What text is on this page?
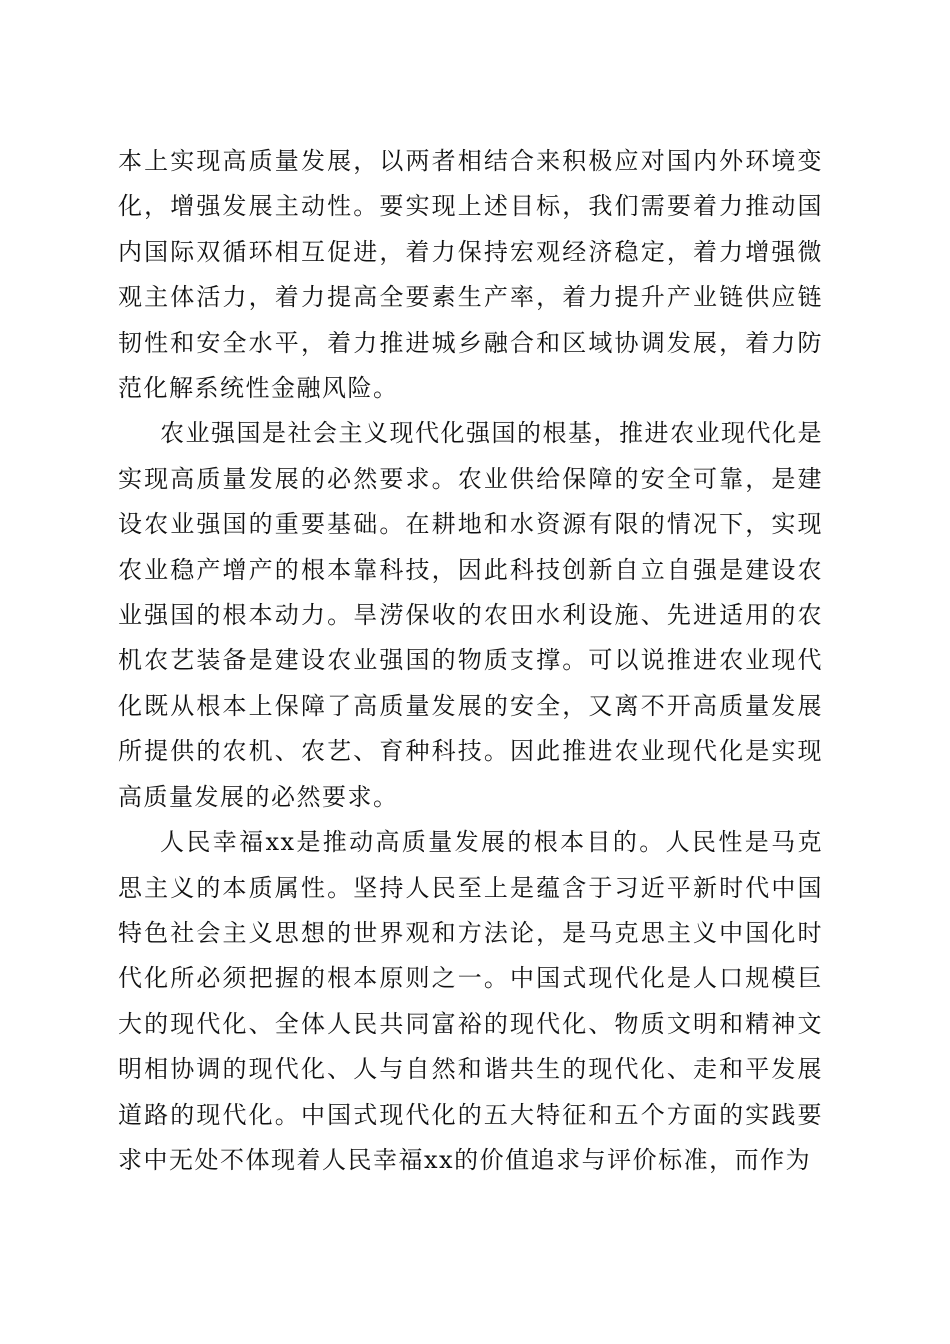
本上实现高质量发展，以两者相结合来积极应对国内外环境变化，增强发展主动性。要实现上述目标，我们需要着力推动国内国际双循环相互促进，着力保持宏观经济稳定，着力增强微观主体活力，着力提高全要素生产率，着力提升产业链供应链韧性和安全水平，着力推进城乡融合和区域协调发展，着力防范化解系统性金融风险。

农业强国是社会主义现代化强国的根基，推进农业现代化是实现高质量发展的必然要求。农业供给保障的安全可靠，是建设农业强国的重要基础。在耕地和水资源有限的情况下，实现农业稳产增产的根本靠科技，因此科技创新自立自强是建设农业强国的根本动力。旱涝保收的农田水利设施、先进适用的农机农艺装备是建设农业强国的物质支撑。可以说推进农业现代化既从根本上保障了高质量发展的安全，又离不开高质量发展所提供的农机、农艺、育种科技。因此推进农业现代化是实现高质量发展的必然要求。

人民幸福xx是推动高质量发展的根本目的。人民性是马克思主义的本质属性。坚持人民至上是蕴含于习近平新时代中国特色社会主义思想的世界观和方法论，是马克思主义中国化时代化所必须把握的根本原则之一。中国式现代化是人口规模巨大的现代化、全体人民共同富裕的现代化、物质文明和精神文明相协调的现代化、人与自然和谐共生的现代化、走和平发展道路的现代化。中国式现代化的五大特征和五个方面的实践要求中无处不体现着人民幸福xx的价值追求与评价标准，而作为
